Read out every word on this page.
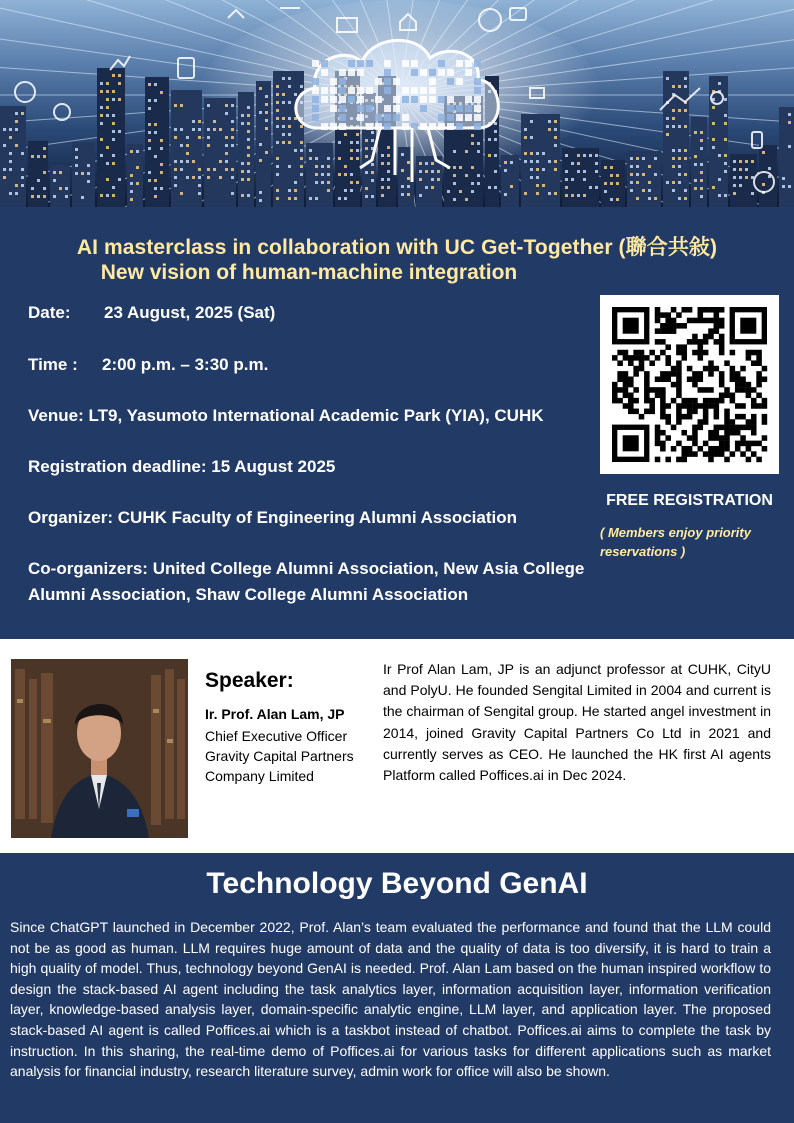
AI masterclass in collaboration with UC Get-Together (聯合共敍)
New vision of human-machine integration
Date: 23 August, 2025 (Sat)
Time : 2:00 p.m. – 3:30 p.m.
Venue: LT9, Yasumoto International Academic Park (YIA), CUHK
Registration deadline: 15 August 2025
Organizer: CUHK Faculty of Engineering Alumni Association
Co-organizers: United College Alumni Association, New Asia College Alumni Association, Shaw College Alumni Association
FREE REGISTRATION
( Members enjoy priority reservations )
Speaker:
Ir. Prof. Alan Lam, JP
Chief Executive Officer
Gravity Capital Partners
Company Limited
Ir Prof Alan Lam, JP is an adjunct professor at CUHK, CityU and PolyU. He founded Sengital Limited in 2004 and current is the chairman of Sengital group. He started angel investment in 2014, joined Gravity Capital Partners Co Ltd in 2021 and currently serves as CEO. He launched the HK first AI agents Platform called Poffices.ai in Dec 2024.
Technology Beyond GenAI
Since ChatGPT launched in December 2022, Prof. Alan’s team evaluated the performance and found that the LLM could not be as good as human. LLM requires huge amount of data and the quality of data is too diversify, it is hard to train a high quality of model. Thus, technology beyond GenAI is needed. Prof. Alan Lam based on the human inspired workflow to design the stack-based AI agent including the task analytics layer, information acquisition layer, information verification layer, knowledge-based analysis layer, domain-specific analytic engine, LLM layer, and application layer. The proposed stack-based AI agent is called Poffices.ai which is a taskbot instead of chatbot. Poffices.ai aims to complete the task by instruction. In this sharing, the real-time demo of Poffices.ai for various tasks for different applications such as market analysis for financial industry, research literature survey, admin work for office will also be shown.
